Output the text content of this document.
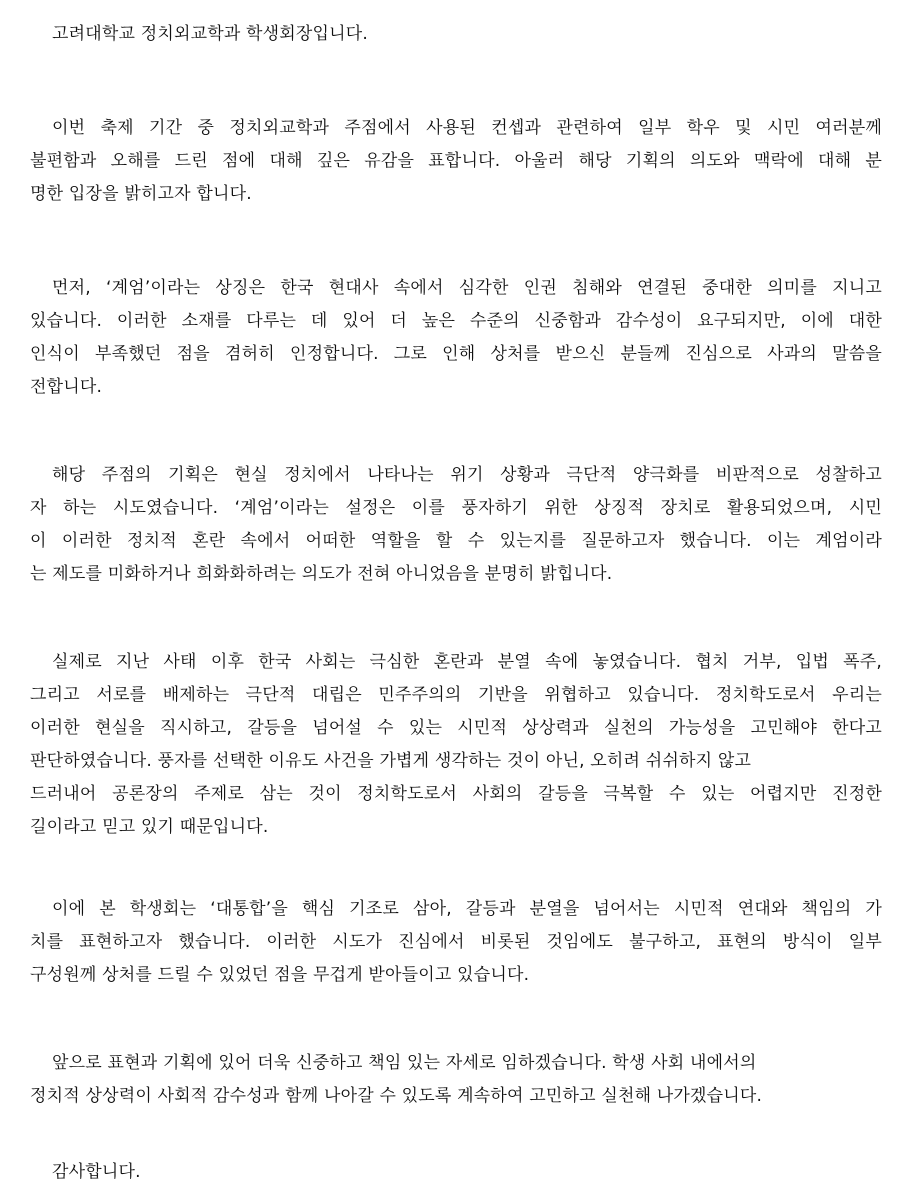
고려대학교 정치외교학과 학생회장입니다.
이번 축제 기간 중 정치외교학과 주점에서 사용된 컨셉과 관련하여 일부 학우 및 시민 여러분께
불편함과 오해를 드린 점에 대해 깊은 유감을 표합니다. 아울러 해당 기획의 의도와 맥락에 대해 분
명한 입장을 밝히고자 합니다.
먼저, ‘계엄’이라는 상징은 한국 현대사 속에서 심각한 인권 침해와 연결된 중대한 의미를 지니고
있습니다. 이러한 소재를 다루는 데 있어 더 높은 수준의 신중함과 감수성이 요구되지만, 이에 대한
인식이 부족했던 점을 겸허히 인정합니다. 그로 인해 상처를 받으신 분들께 진심으로 사과의 말씀을
전합니다.
해당 주점의 기획은 현실 정치에서 나타나는 위기 상황과 극단적 양극화를 비판적으로 성찰하고
자 하는 시도였습니다. ‘계엄’이라는 설정은 이를 풍자하기 위한 상징적 장치로 활용되었으며, 시민
이 이러한 정치적 혼란 속에서 어떠한 역할을 할 수 있는지를 질문하고자 했습니다. 이는 계엄이라
는 제도를 미화하거나 희화화하려는 의도가 전혀 아니었음을 분명히 밝힙니다.
실제로 지난 사태 이후 한국 사회는 극심한 혼란과 분열 속에 놓였습니다. 협치 거부, 입법 폭주,
그리고 서로를 배제하는 극단적 대립은 민주주의의 기반을 위협하고 있습니다. 정치학도로서 우리는
이러한 현실을 직시하고, 갈등을 넘어설 수 있는 시민적 상상력과 실천의 가능성을 고민해야 한다고
판단하였습니다. 풍자를 선택한 이유도 사건을 가볍게 생각하는 것이 아닌, 오히려 쉬쉬하지 않고
드러내어 공론장의 주제로 삼는 것이 정치학도로서 사회의 갈등을 극복할 수 있는 어렵지만 진정한
길이라고 믿고 있기 때문입니다.
이에 본 학생회는 ‘대통합’을 핵심 기조로 삼아, 갈등과 분열을 넘어서는 시민적 연대와 책임의 가
치를 표현하고자 했습니다. 이러한 시도가 진심에서 비롯된 것임에도 불구하고, 표현의 방식이 일부
구성원께 상처를 드릴 수 있었던 점을 무겁게 받아들이고 있습니다.
앞으로 표현과 기획에 있어 더욱 신중하고 책임 있는 자세로 임하겠습니다. 학생 사회 내에서의
정치적 상상력이 사회적 감수성과 함께 나아갈 수 있도록 계속하여 고민하고 실천해 나가겠습니다.
감사합니다.
